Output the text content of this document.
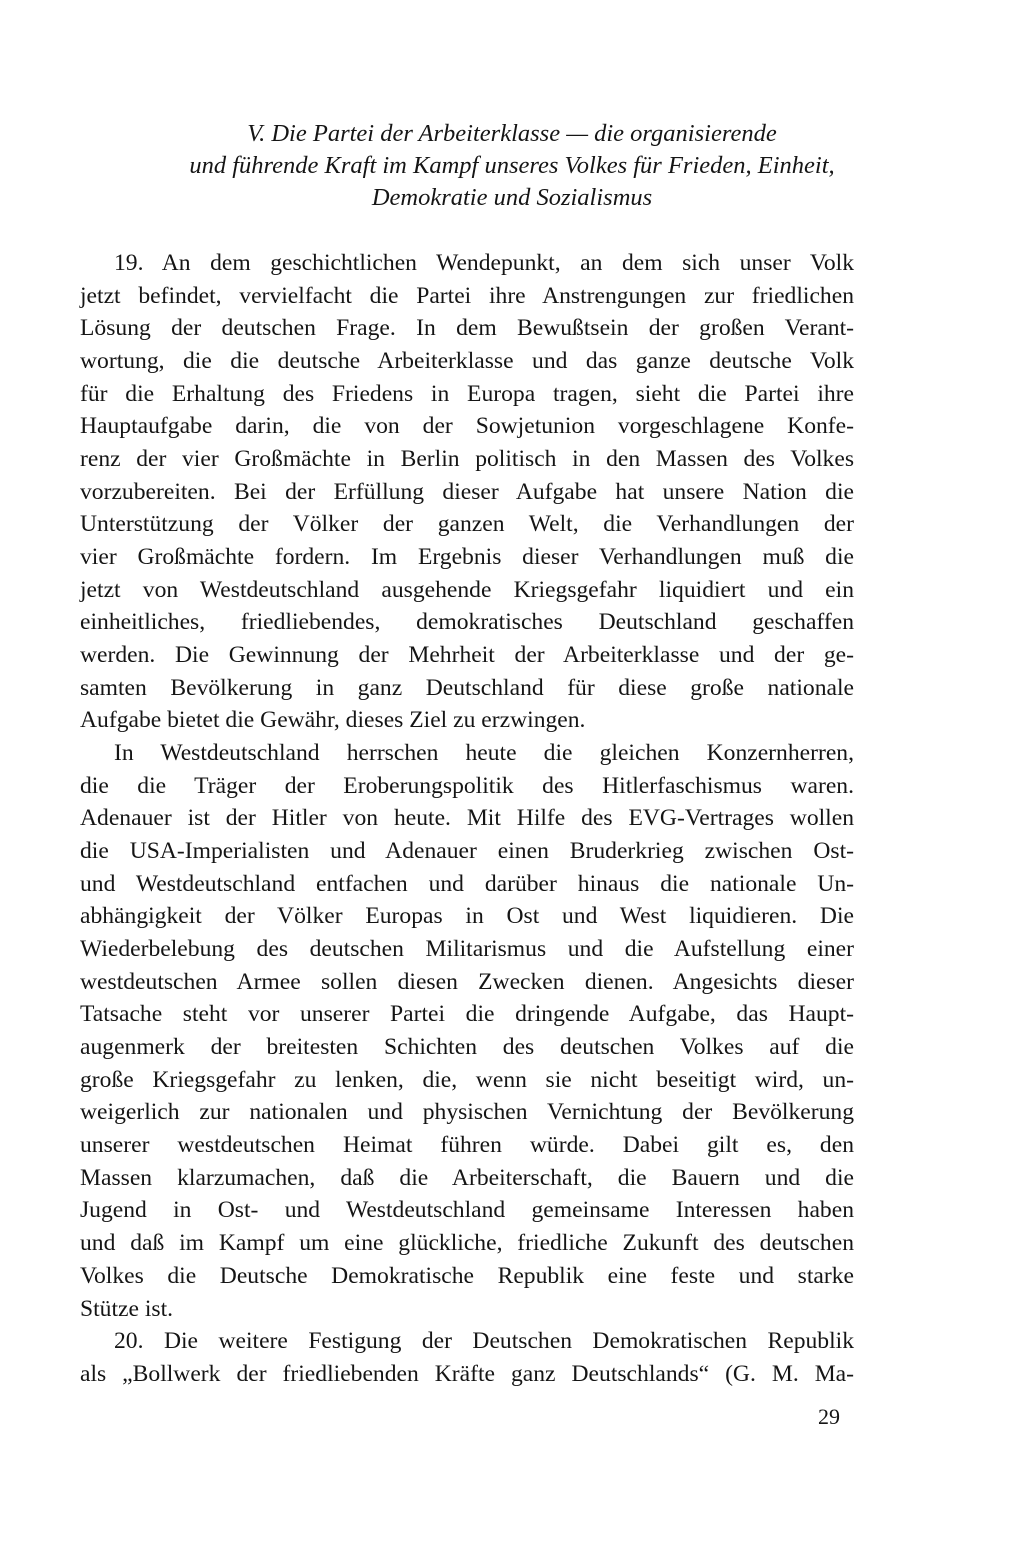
V. Die Partei der Arbeiterklasse — die organisierende
und führende Kraft im Kampf unseres Volkes für Frieden, Einheit,
Demokratie und Sozialismus
19. An dem geschichtlichen Wendepunkt, an dem sich unser Volk
jetzt befindet, vervielfacht die Partei ihre Anstrengungen zur friedlichen
Lösung der deutschen Frage. In dem Bewußtsein der großen Verant-
wortung, die die deutsche Arbeiterklasse und das ganze deutsche Volk
für die Erhaltung des Friedens in Europa tragen, sieht die Partei ihre
Hauptaufgabe darin, die von der Sowjetunion vorgeschlagene Konfe-
renz der vier Großmächte in Berlin politisch in den Massen des Volkes
vorzubereiten. Bei der Erfüllung dieser Aufgabe hat unsere Nation die
Unterstützung der Völker der ganzen Welt, die Verhandlungen der
vier Großmächte fordern. Im Ergebnis dieser Verhandlungen muß die
jetzt von Westdeutschland ausgehende Kriegsgefahr liquidiert und ein
einheitliches, friedliebendes, demokratisches Deutschland geschaffen
werden. Die Gewinnung der Mehrheit der Arbeiterklasse und der ge-
samten Bevölkerung in ganz Deutschland für diese große nationale
Aufgabe bietet die Gewähr, dieses Ziel zu erzwingen.
In Westdeutschland herrschen heute die gleichen Konzernherren,
die die Träger der Eroberungspolitik des Hitlerfaschismus waren.
Adenauer ist der Hitler von heute. Mit Hilfe des EVG-Vertrages wollen
die USA-Imperialisten und Adenauer einen Bruderkrieg zwischen Ost-
und Westdeutschland entfachen und darüber hinaus die nationale Un-
abhängigkeit der Völker Europas in Ost und West liquidieren. Die
Wiederbelebung des deutschen Militarismus und die Aufstellung einer
westdeutschen Armee sollen diesen Zwecken dienen. Angesichts dieser
Tatsache steht vor unserer Partei die dringende Aufgabe, das Haupt-
augenmerk der breitesten Schichten des deutschen Volkes auf die
große Kriegsgefahr zu lenken, die, wenn sie nicht beseitigt wird, un-
weigerlich zur nationalen und physischen Vernichtung der Bevölkerung
unserer westdeutschen Heimat führen würde. Dabei gilt es, den
Massen klarzumachen, daß die Arbeiterschaft, die Bauern und die
Jugend in Ost- und Westdeutschland gemeinsame Interessen haben
und daß im Kampf um eine glückliche, friedliche Zukunft des deutschen
Volkes die Deutsche Demokratische Republik eine feste und starke
Stütze ist.
20. Die weitere Festigung der Deutschen Demokratischen Republik
als „Bollwerk der friedliebenden Kräfte ganz Deutschlands“ (G. M. Ma-
29
